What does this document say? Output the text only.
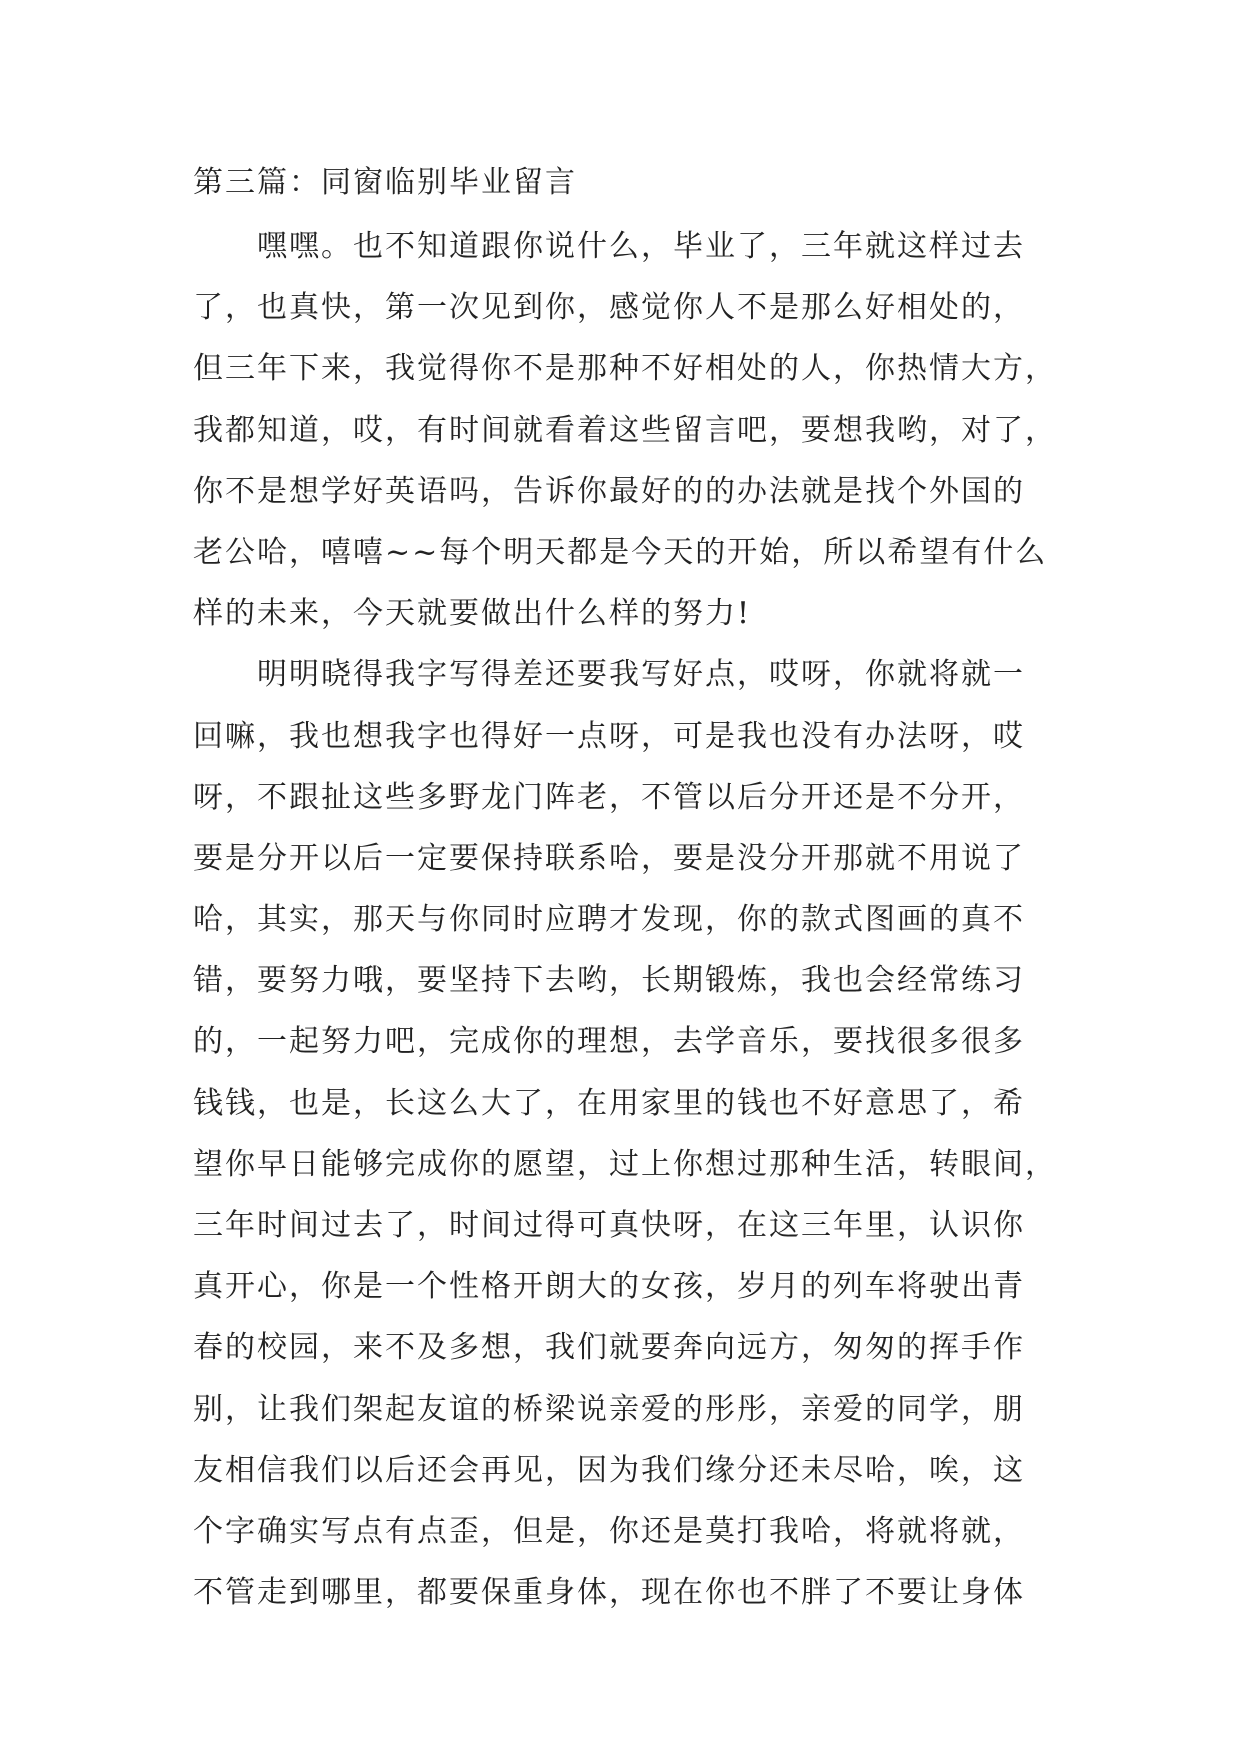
第三篇：同窗临别毕业留言
嘿嘿。也不知道跟你说什么，毕业了，三年就这样过去
了，也真快，第一次见到你，感觉你人不是那么好相处的，
但三年下来，我觉得你不是那种不好相处的人，你热情大方，
我都知道，哎，有时间就看着这些留言吧，要想我哟，对了，
你不是想学好英语吗，告诉你最好的的办法就是找个外国的
老公哈，嘻嘻~~每个明天都是今天的开始，所以希望有什么
样的未来，今天就要做出什么样的努力!
明明晓得我字写得差还要我写好点，哎呀，你就将就一
回嘛，我也想我字也得好一点呀，可是我也没有办法呀，哎
呀，不跟扯这些多野龙门阵老，不管以后分开还是不分开，
要是分开以后一定要保持联系哈，要是没分开那就不用说了
哈，其实，那天与你同时应聘才发现，你的款式图画的真不
错，要努力哦，要坚持下去哟，长期锻炼，我也会经常练习
的，一起努力吧，完成你的理想，去学音乐，要找很多很多
钱钱，也是，长这么大了，在用家里的钱也不好意思了，希
望你早日能够完成你的愿望，过上你想过那种生活，转眼间，
三年时间过去了，时间过得可真快呀，在这三年里，认识你
真开心，你是一个性格开朗大的女孩，岁月的列车将驶出青
春的校园，来不及多想，我们就要奔向远方，匆匆的挥手作
别，让我们架起友谊的桥梁说亲爱的彤彤，亲爱的同学，朋
友相信我们以后还会再见，因为我们缘分还未尽哈，唉，这
个字确实写点有点歪，但是，你还是莫打我哈，将就将就，
不管走到哪里，都要保重身体，现在你也不胖了不要让身体
